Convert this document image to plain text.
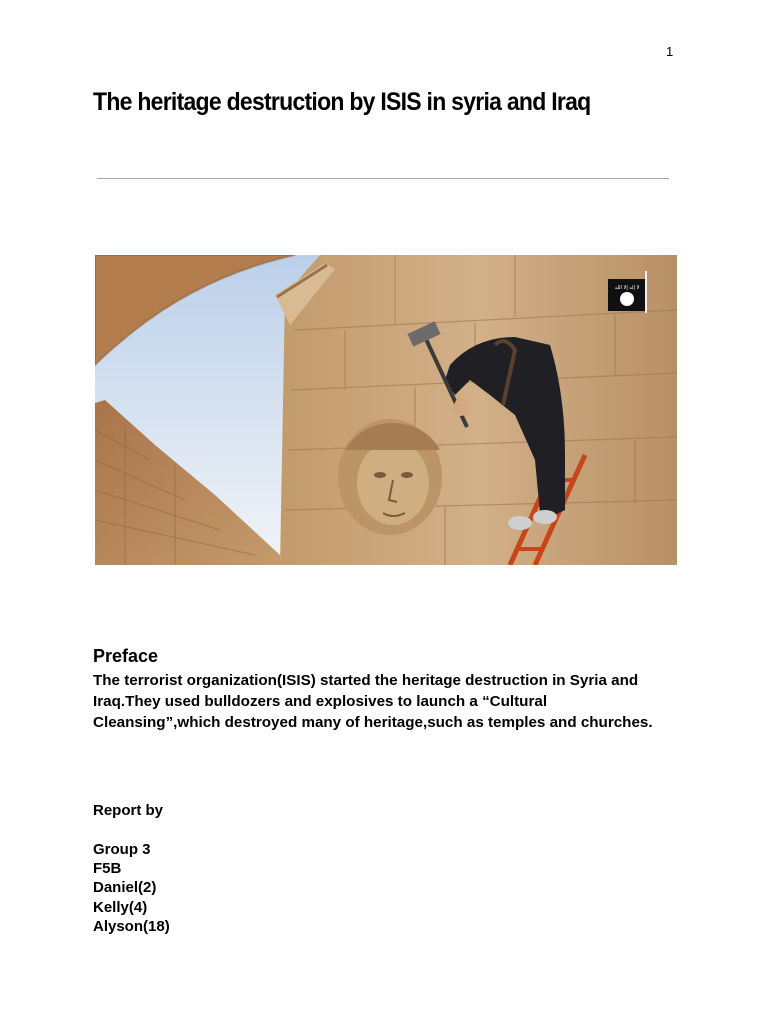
1
The heritage destruction by ISIS in syria and Iraq
لا إله إلا الله
Preface

The terrorist organization(ISIS) started the heritage destruction in Syria and Iraq.They used bulldozers and explosives to launch a “Cultural Cleansing”,which destroyed many of heritage,such as temples and churches.

Report by
Group 3
F5B
Daniel(2)
Kelly(4)
Alyson(18)
